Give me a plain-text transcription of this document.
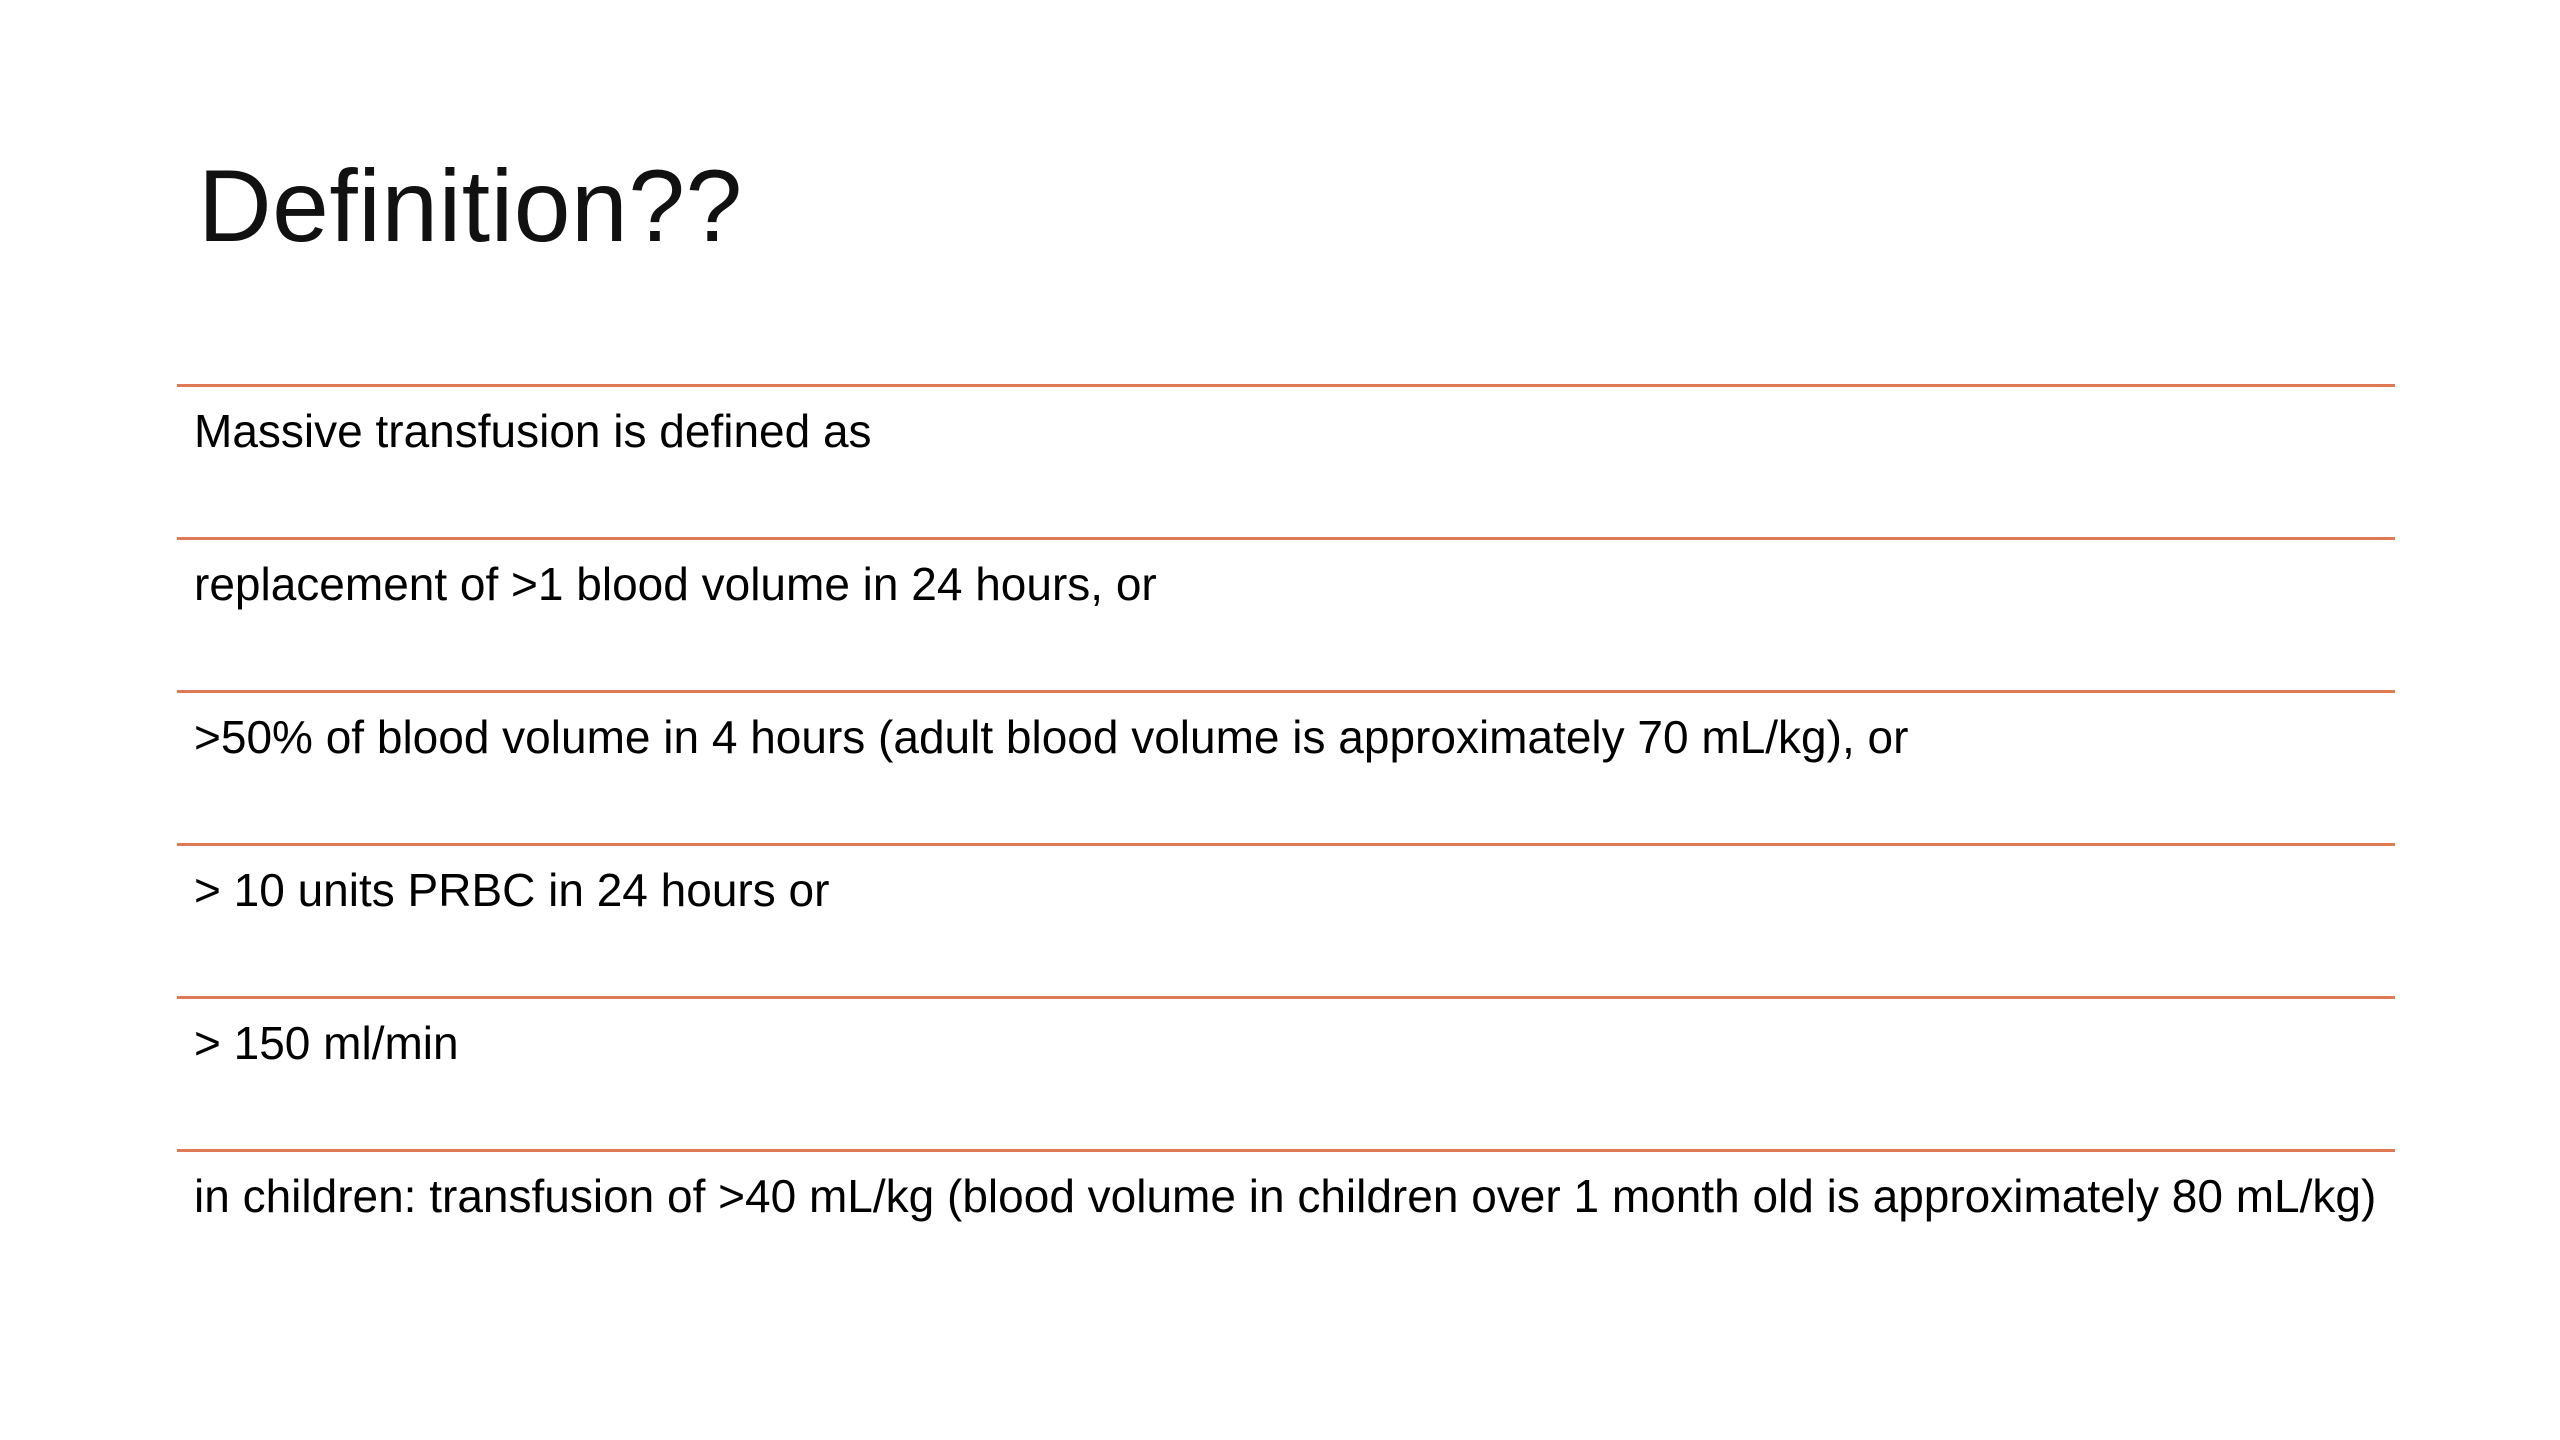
Definition??
Massive transfusion is defined as
replacement of >1 blood volume in 24 hours, or
>50% of blood volume in 4 hours (adult blood volume is approximately 70 mL/kg), or
> 10 units PRBC in 24 hours or
> 150 ml/min
in children: transfusion of >40 mL/kg (blood volume in children over 1 month old is approximately 80 mL/kg)
